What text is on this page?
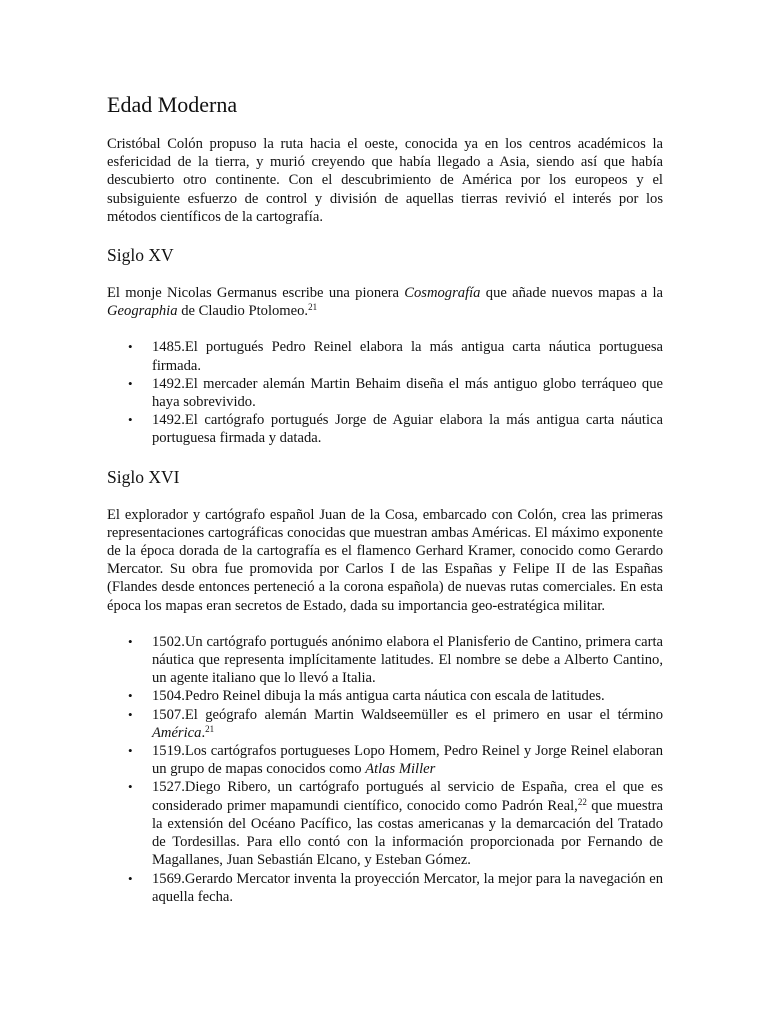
Edad Moderna

Cristóbal Colón propuso la ruta hacia el oeste, conocida ya en los centros académicos la esfericidad de la tierra, y murió creyendo que había llegado a Asia, siendo así que había descubierto otro continente. Con el descubrimiento de América por los europeos y el subsiguiente esfuerzo de control y división de aquellas tierras revivió el interés por los métodos científicos de la cartografía.

Siglo XV

El monje Nicolas Germanus escribe una pionera Cosmografía que añade nuevos mapas a la Geographia de Claudio Ptolomeo.$^{21}$

• 1485.El portugués Pedro Reinel elabora la más antigua carta náutica portuguesa firmada.
• 1492.El mercader alemán Martin Behaim diseña el más antiguo globo terráqueo que haya sobrevivido.
• 1492.El cartógrafo portugués Jorge de Aguiar elabora la más antigua carta náutica portuguesa firmada y datada.
Siglo XVI

El explorador y cartógrafo español Juan de la Cosa, embarcado con Colón, crea las primeras representaciones cartográficas conocidas que muestran ambas Américas. El máximo exponente de la época dorada de la cartografía es el flamenco Gerhard Kramer, conocido como Gerardo Mercator. Su obra fue promovida por Carlos I de las Españas y Felipe II de las Españas (Flandes desde entonces perteneció a la corona española) de nuevas rutas comerciales. En esta época los mapas eran secretos de Estado, dada su importancia geo-estratégica militar.

• 1502.Un cartógrafo portugués anónimo elabora el Planisferio de Cantino, primera carta náutica que representa implícitamente latitudes. El nombre se debe a Alberto Cantino, un agente italiano que lo llevó a Italia.
• 1504.Pedro Reinel dibuja la más antigua carta náutica con escala de latitudes.
• 1507.El geógrafo alemán Martin Waldseemüller es el primero en usar el término América.$^{21}$
• 1519.Los cartógrafos portugueses Lopo Homem, Pedro Reinel y Jorge Reinel elaboran un grupo de mapas conocidos como Atlas Miller
• 1527.Diego Ribero, un cartógrafo portugués al servicio de España, crea el que es considerado primer mapamundi científico, conocido como Padrón Real,$^{22}$ que muestra la extensión del Océano Pacífico, las costas americanas y la demarcación del Tratado de Tordesillas. Para ello contó con la información proporcionada por Fernando de Magallanes, Juan Sebastián Elcano, y Esteban Gómez.
• 1569.Gerardo Mercator inventa la proyección Mercator, la mejor para la navegación en aquella fecha.
